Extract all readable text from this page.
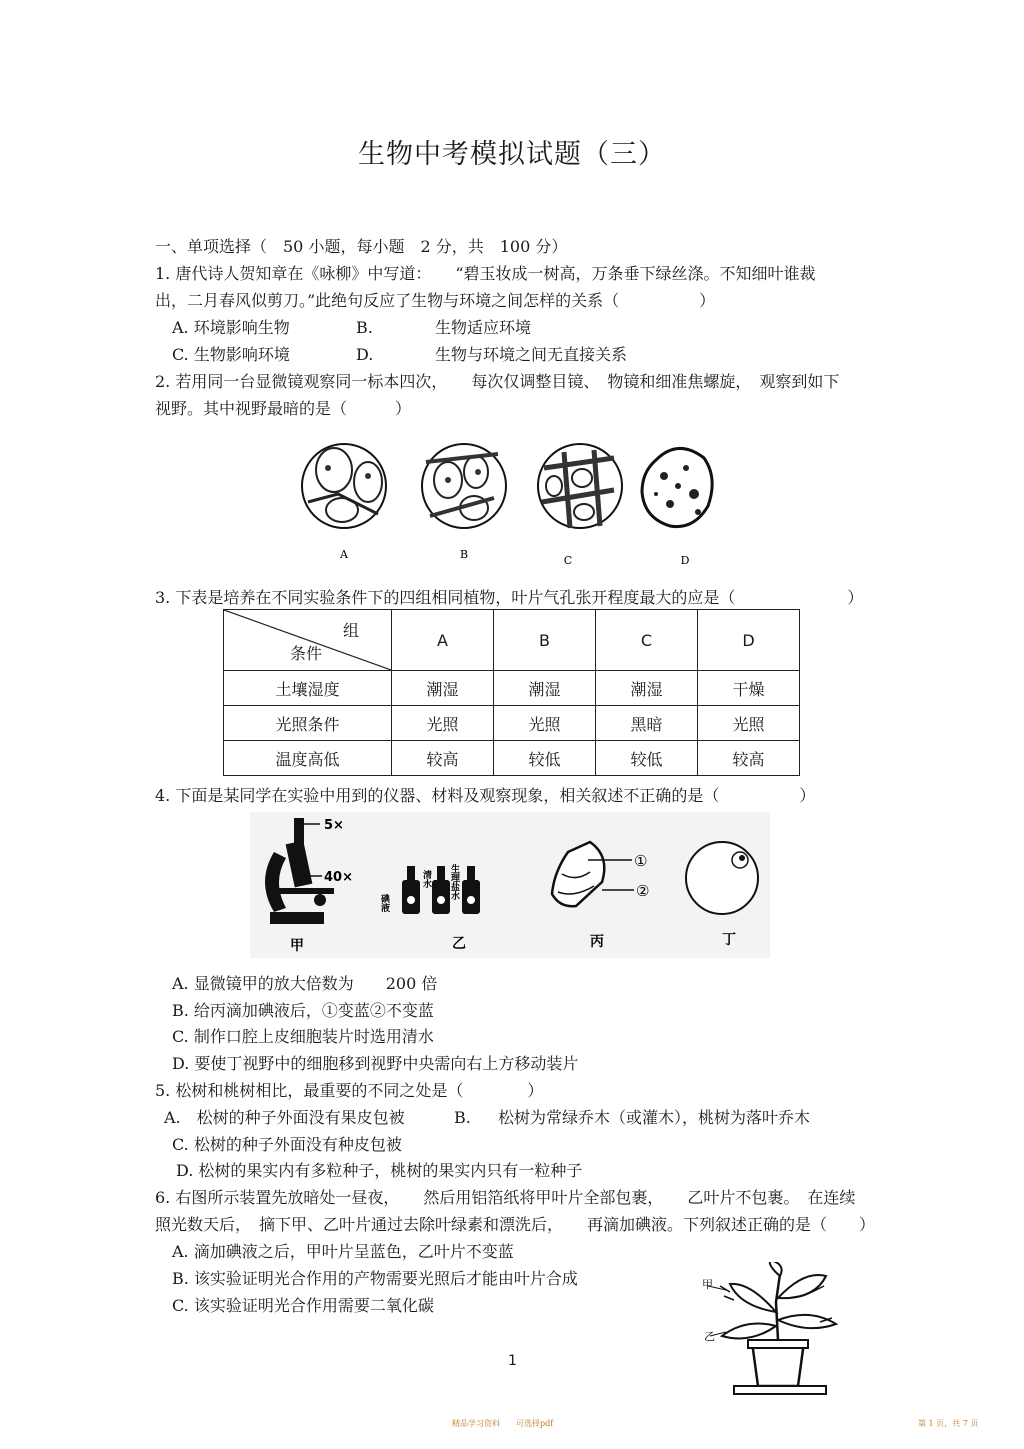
生物中考模拟试题（三）
一、单项选择（　50 小题，每小题　2 分，共　100 分）
1. 唐代诗人贺知章在《咏柳》中写道：　　“碧玉妆成一树高，万条垂下绿丝涤。不知细叶谁裁
出，二月春风似剪刀。”此绝句反应了生物与环境之间怎样的关系（　　　　　）
A. 环境影响生物	B.	生物适应环境
C. 生物影响环境	D.	生物与环境之间无直接关系
2. 若用同一台显微镜观察同一标本四次，　　每次仅调整目镜、　物镜和细准焦螺旋，　观察到如下
视野。其中视野最暗的是（　　　）
A	B	C	D
3. 下表是培养在不同实验条件下的四组相同植物，叶片气孔张开程度最大的应是（　　　　　　　）
组
条件	A	B	C	D
土壤湿度	潮湿	潮湿	潮湿	干燥
光照条件	光照	光照	黑暗	光照
温度高低	较高	较低	较低	较高
4. 下面是某同学在实验中用到的仪器、材料及观察现象，相关叙述不正确的是（　　　　　）
5×
40×
碘液
清水 生理盐水
①
②
甲	乙	丙	丁
A. 显微镜甲的放大倍数为　　200 倍
B. 给丙滴加碘液后，①变蓝②不变蓝
C. 制作口腔上皮细胞装片时选用清水
D. 要使丁视野中的细胞移到视野中央需向右上方移动装片
5. 松树和桃树相比，最重要的不同之处是（　　　　）
A.　松树的种子外面没有果皮包被	B. 松树为常绿乔木（或灌木），桃树为落叶乔木
C. 松树的种子外面没有种皮包被
D. 松树的果实内有多粒种子，桃树的果实内只有一粒种子
6. 右图所示装置先放暗处一昼夜，　　然后用铝箔纸将甲叶片全部包裹，　　乙叶片不包裹。　在连续
照光数天后，　摘下甲、乙叶片通过去除叶绿素和漂洗后，　　再滴加碘液。下列叙述正确的是（　　）
A. 滴加碘液之后，甲叶片呈蓝色，乙叶片不变蓝
B. 该实验证明光合作用的产物需要光照后才能由叶片合成
C. 该实验证明光合作用需要二氧化碳
甲
乙
1
精品学习资料　　可选择pdf	第 1 页，共 7 页
